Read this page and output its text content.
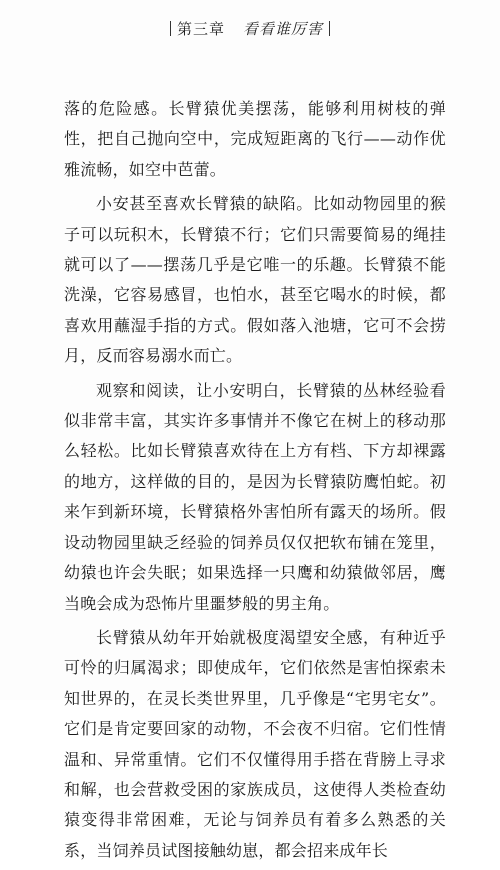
第三章 看看谁厉害

落的危险感。长臂猿优美摆荡，能够利用树枝的弹性，把自己抛向空中，完成短距离的飞行——动作优雅流畅，如空中芭蕾。

小安甚至喜欢长臂猿的缺陷。比如动物园里的猴子可以玩积木，长臂猿不行；它们只需要简易的绳挂就可以了——摆荡几乎是它唯一的乐趣。长臂猿不能洗澡，它容易感冒，也怕水，甚至它喝水的时候，都喜欢用蘸湿手指的方式。假如落入池塘，它可不会捞月，反而容易溺水而亡。

观察和阅读，让小安明白，长臂猿的丛林经验看似非常丰富，其实许多事情并不像它在树上的移动那么轻松。比如长臂猿喜欢待在上方有档、下方却裸露的地方，这样做的目的，是因为长臂猿防鹰怕蛇。初来乍到新环境，长臂猿格外害怕所有露天的场所。假设动物园里缺乏经验的饲养员仅仅把软布铺在笼里，幼猿也许会失眠；如果选择一只鹰和幼猿做邻居，鹰当晚会成为恐怖片里噩梦般的男主角。

长臂猿从幼年开始就极度渴望安全感，有种近乎可怜的归属渴求；即使成年，它们依然是害怕探索未知世界的，在灵长类世界里，几乎像是“宅男宅女”。它们是肯定要回家的动物，不会夜不归宿。它们性情温和、异常重情。它们不仅懂得用手搭在背膀上寻求和解，也会营救受困的家族成员，这使得人类检查幼猿变得非常困难，无论与饲养员有着多么熟悉的关系，当饲养员试图接触幼崽，都会招来成年长
